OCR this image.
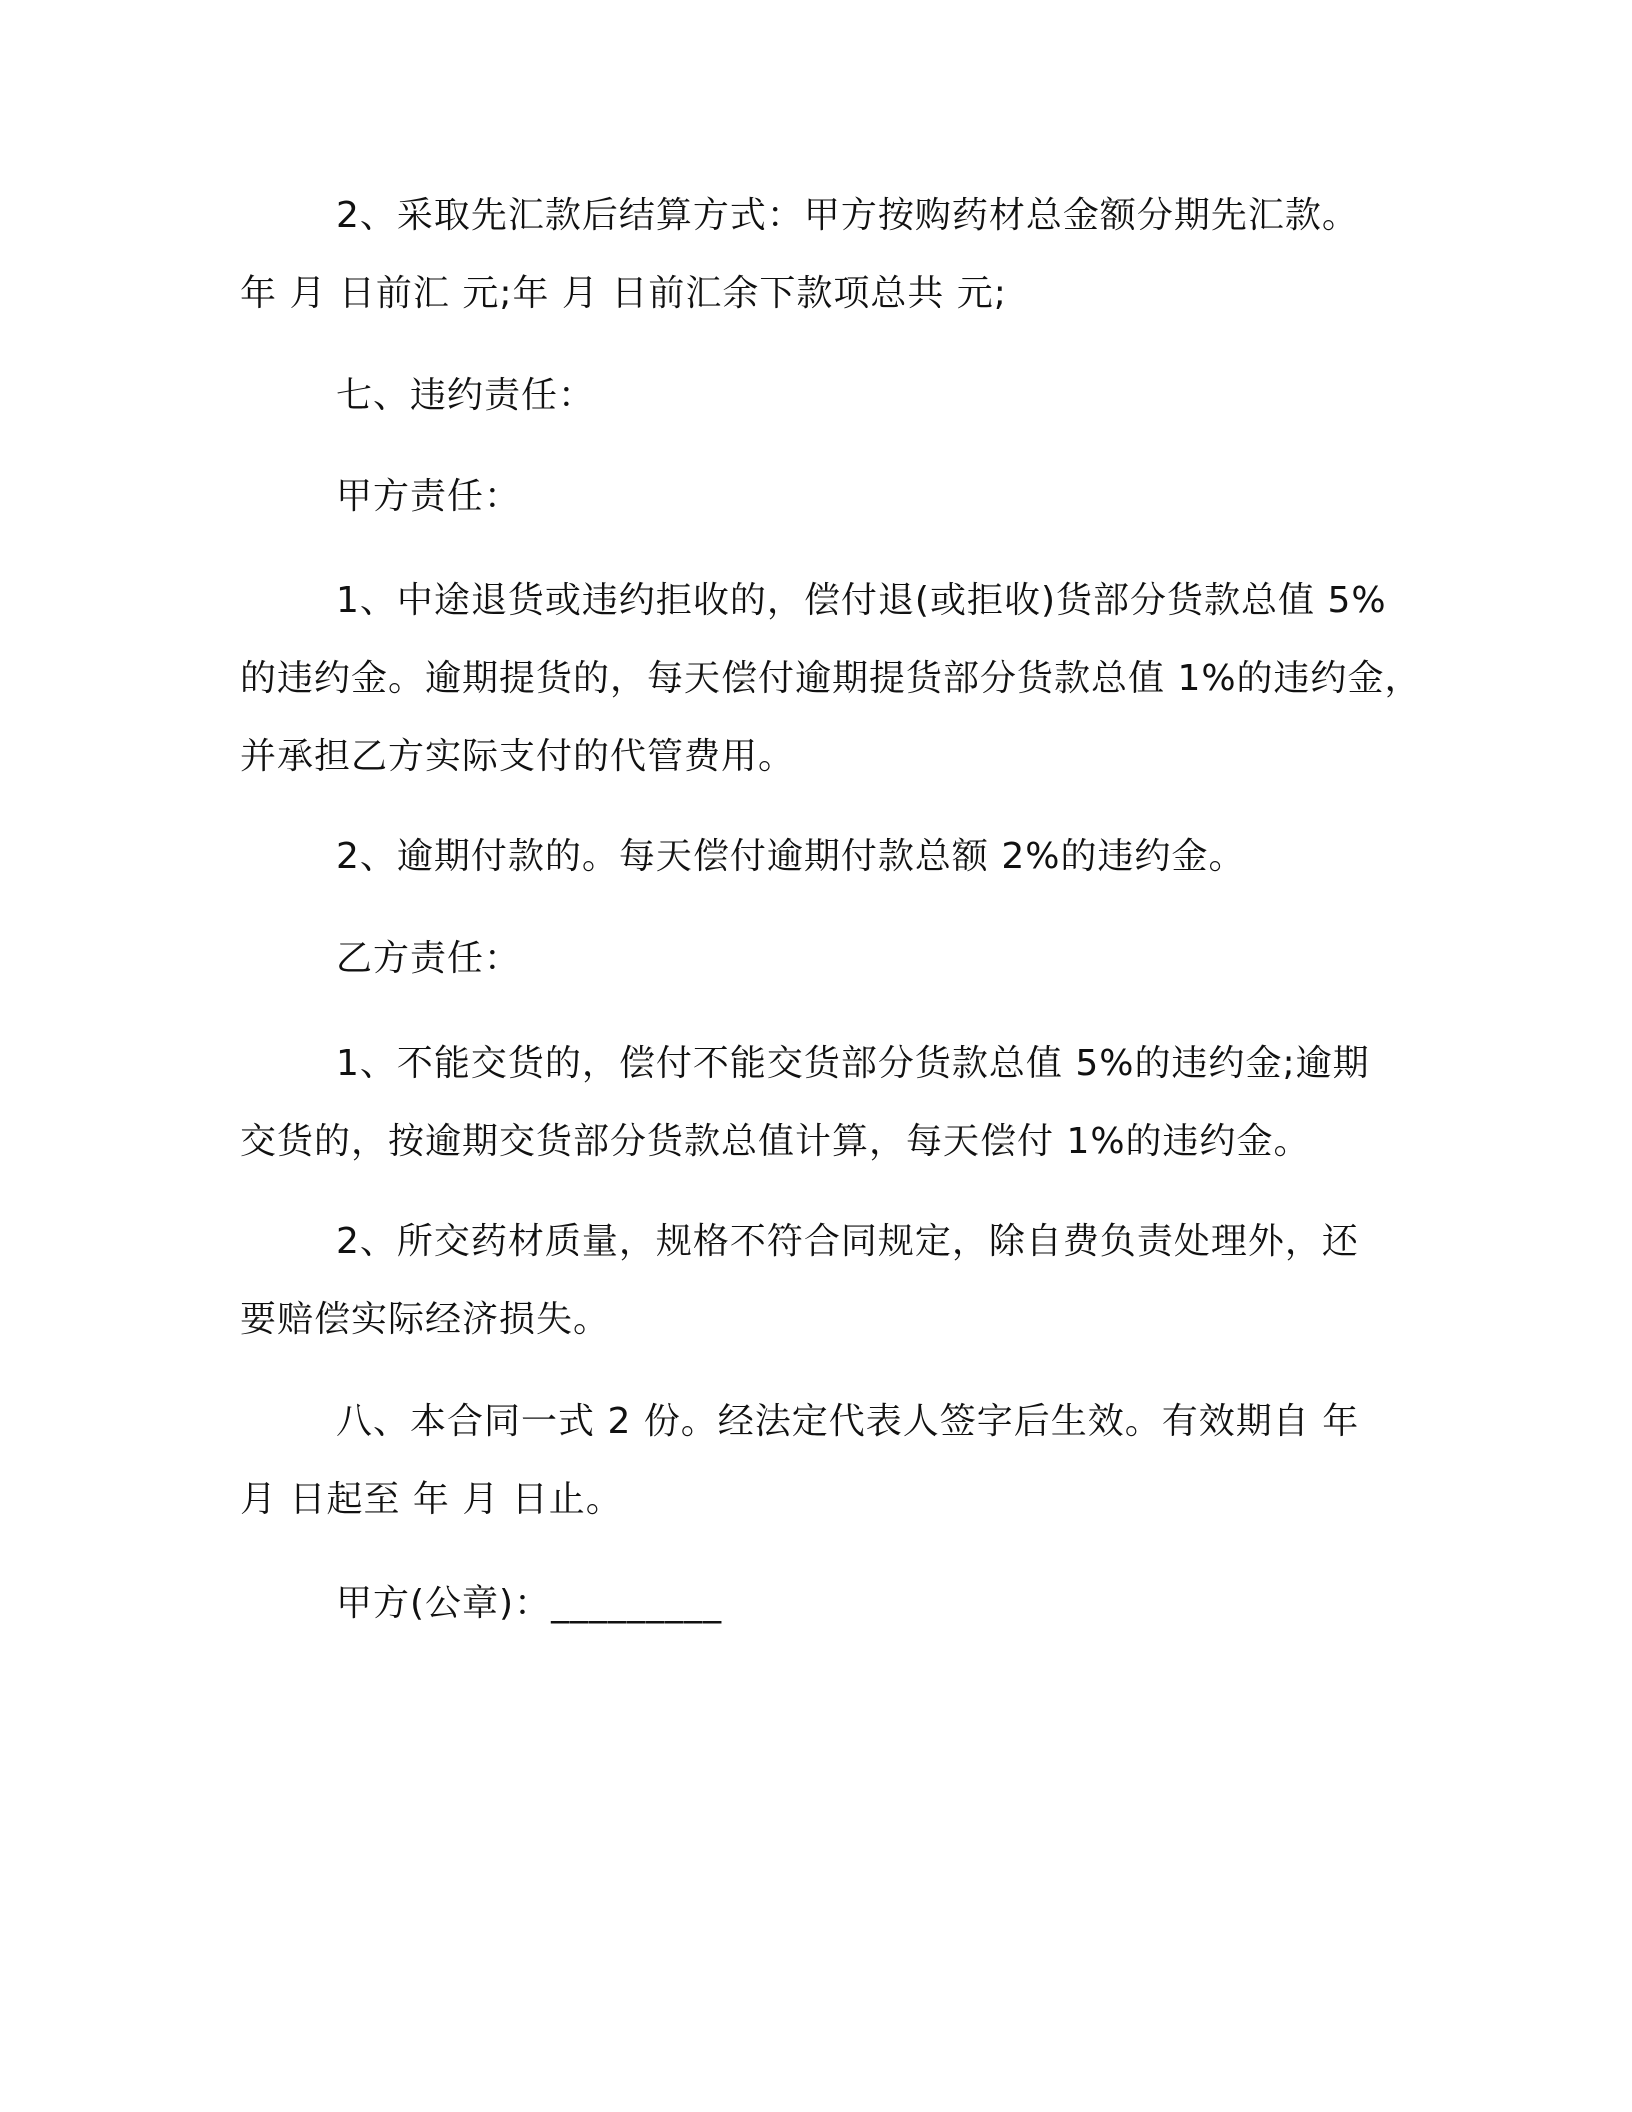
2、采取先汇款后结算方式：甲方按购药材总金额分期先汇款。
年 月 日前汇 元;年 月 日前汇余下款项总共 元;

七、违约责任：

甲方责任：

1、中途退货或违约拒收的，偿付退(或拒收)货部分货款总值 5%
的违约金。逾期提货的，每天偿付逾期提货部分货款总值 1%的违约金，
并承担乙方实际支付的代管费用。

2、逾期付款的。每天偿付逾期付款总额 2%的违约金。

乙方责任：

1、不能交货的，偿付不能交货部分货款总值 5%的违约金;逾期
交货的，按逾期交货部分货款总值计算，每天偿付 1%的违约金。

2、所交药材质量，规格不符合同规定，除自费负责处理外，还
要赔偿实际经济损失。

八、本合同一式 2 份。经法定代表人签字后生效。有效期自 年
月 日起至 年 月 日止。

甲方(公章)：_________
